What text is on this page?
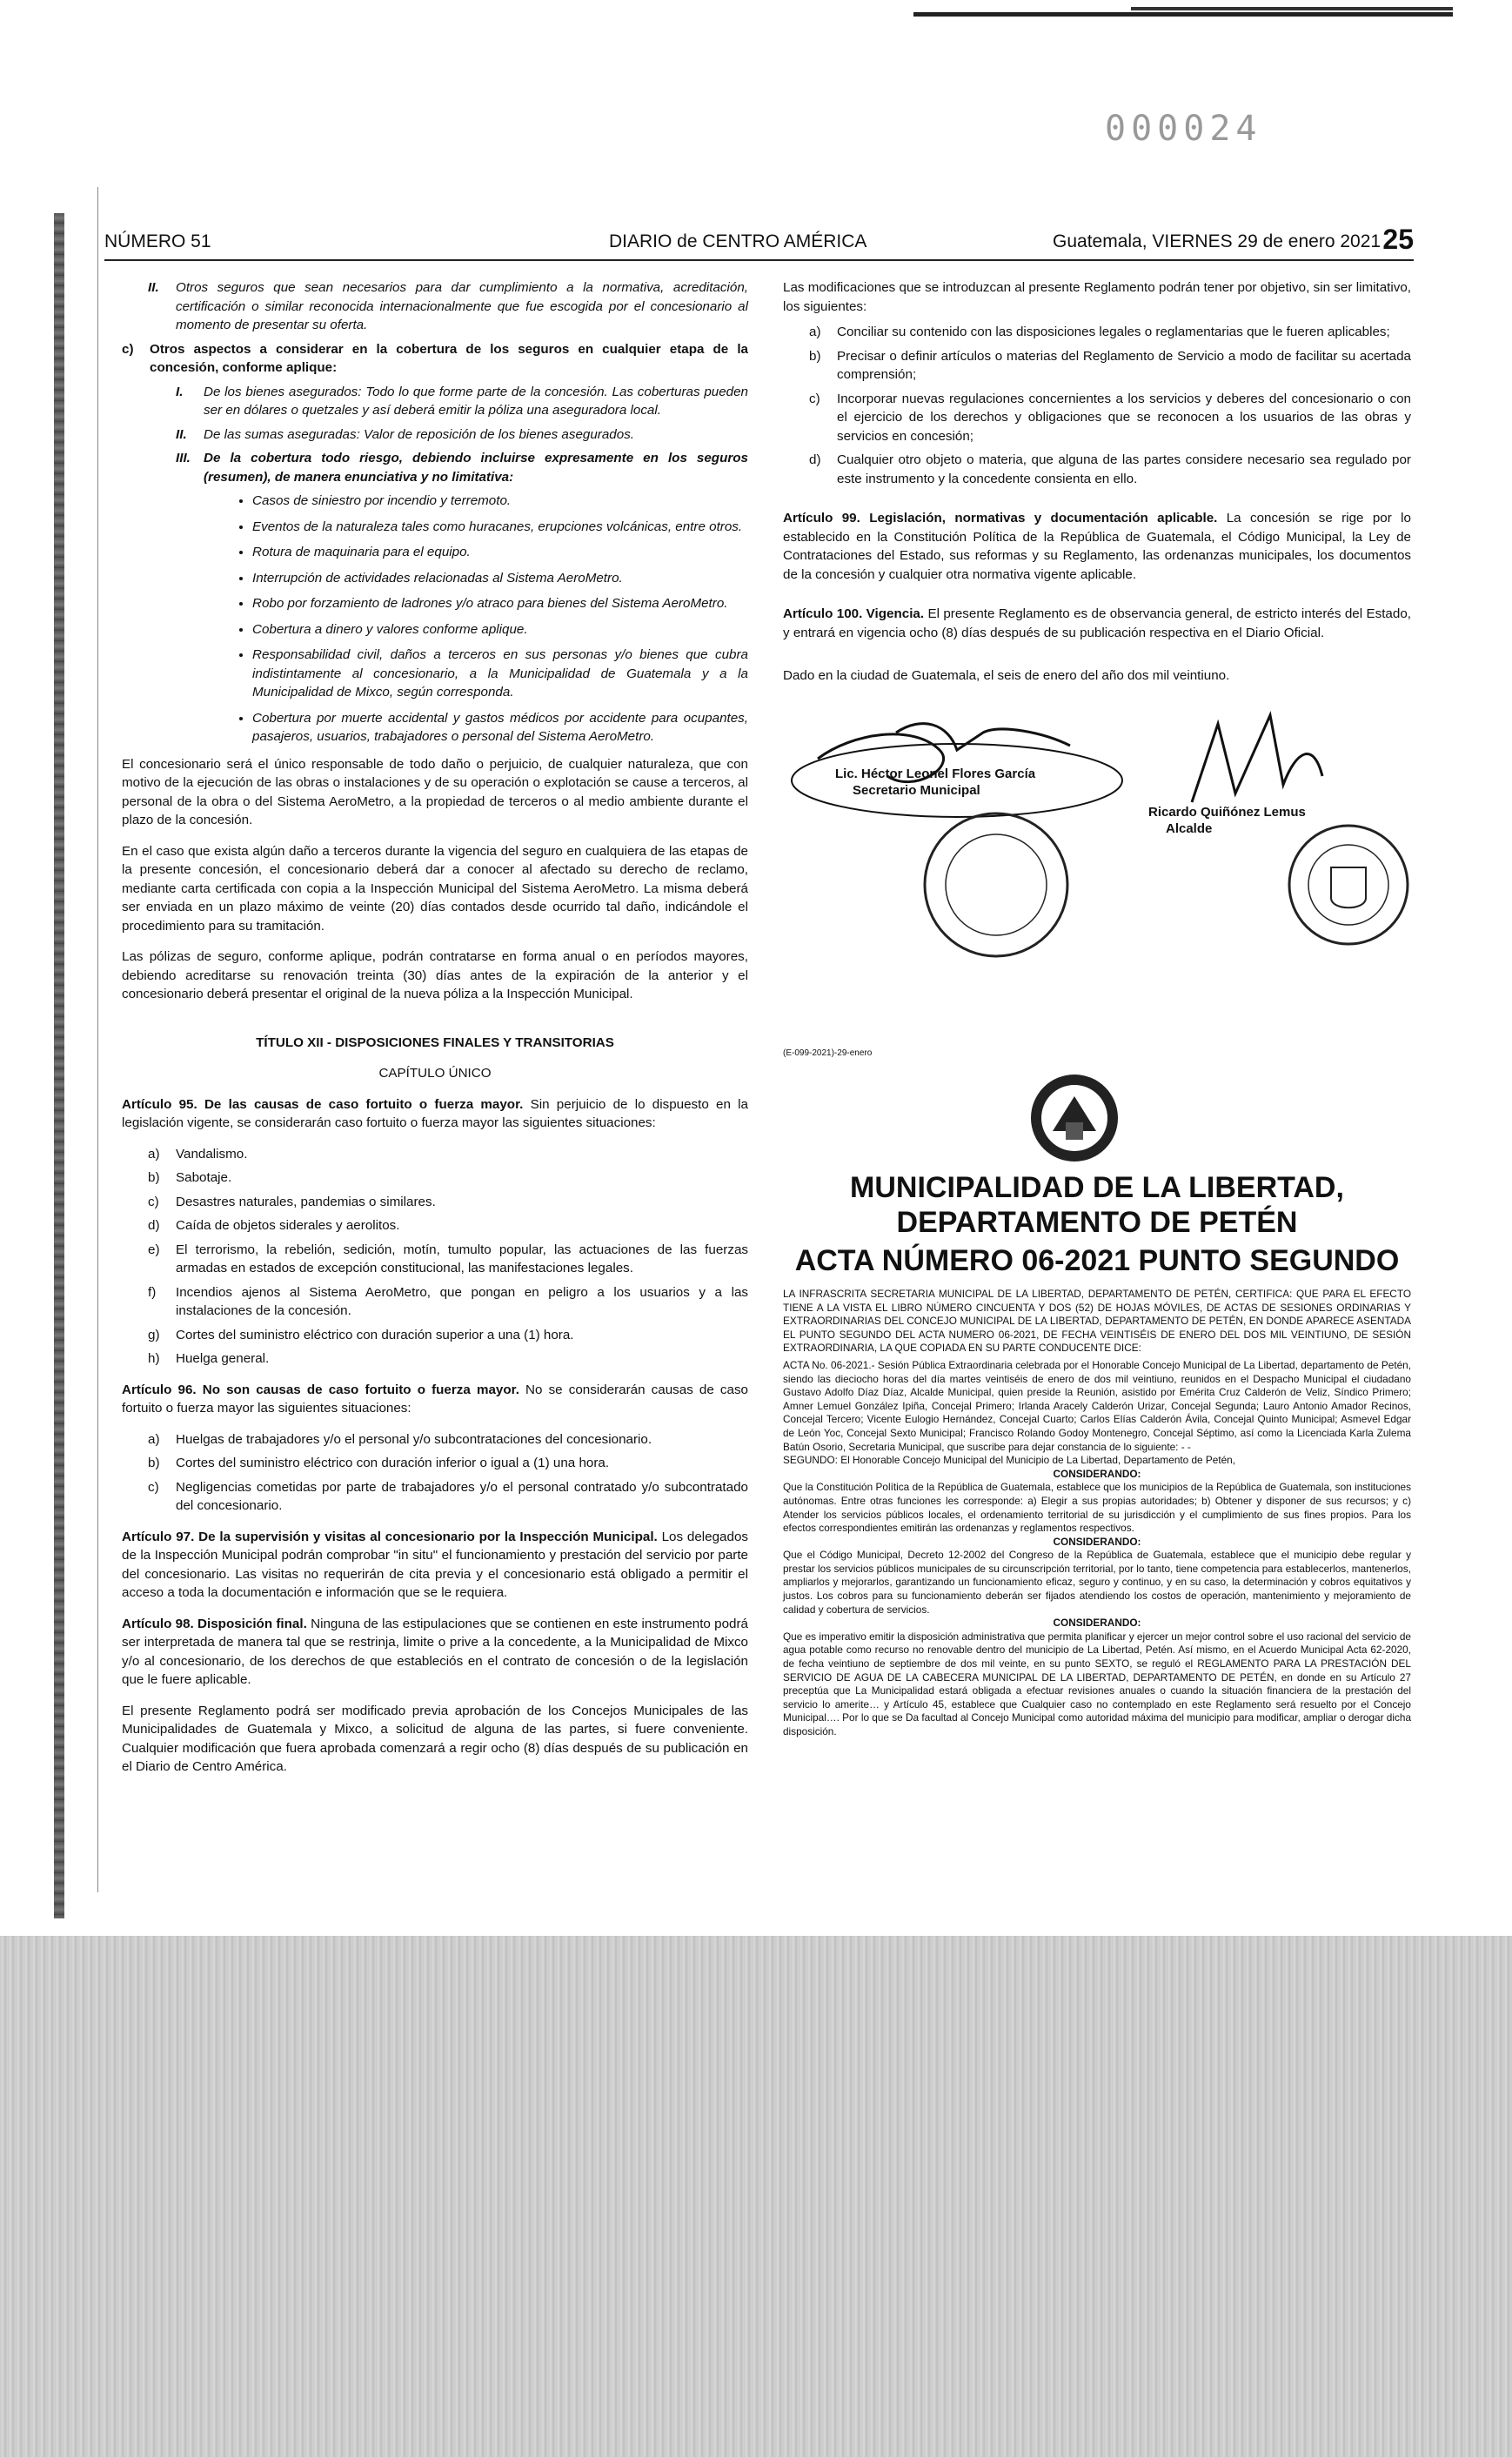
000024
NÚMERO 51	DIARIO de CENTRO AMÉRICA	Guatemala, VIERNES 29 de enero 2021 25
II.	Otros seguros que sean necesarios para dar cumplimiento a la normativa, acreditación, certificación o similar reconocida internacionalmente que fue escogida por el concesionario al momento de presentar su oferta.
c)	Otros aspectos a considerar en la cobertura de los seguros en cualquier etapa de la concesión, conforme aplique:
I.	De los bienes asegurados: Todo lo que forme parte de la concesión. Las coberturas pueden ser en dólares o quetzales y así deberá emitir la póliza una aseguradora local.
II.	De las sumas aseguradas: Valor de reposición de los bienes asegurados.
III. De la cobertura todo riesgo, debiendo incluirse expresamente en los seguros (resumen), de manera enunciativa y no limitativa:
• Casos de siniestro por incendio y terremoto.
• Eventos de la naturaleza tales como huracanes, erupciones volcánicas, entre otros.
• Rotura de maquinaria para el equipo.
• Interrupción de actividades relacionadas al Sistema AeroMetro.
• Robo por forzamiento de ladrones y/o atraco para bienes del Sistema AeroMetro.
• Cobertura a dinero y valores conforme aplique.
• Responsabilidad civil, daños a terceros en sus personas y/o bienes que cubra indistintamente al concesionario, a la Municipalidad de Guatemala y a la Municipalidad de Mixco, según corresponda.
• Cobertura por muerte accidental y gastos médicos por accidente para ocupantes, pasajeros, usuarios, trabajadores o personal del Sistema AeroMetro.

El concesionario será el único responsable de todo daño o perjuicio, de cualquier naturaleza, que con motivo de la ejecución de las obras o instalaciones y de su operación o explotación se cause a terceros, al personal de la obra o del Sistema AeroMetro, a la propiedad de terceros o al medio ambiente durante el plazo de la concesión.

En el caso que exista algún daño a terceros durante la vigencia del seguro en cualquiera de las etapas de la presente concesión, el concesionario deberá dar a conocer al afectado su derecho de reclamo, mediante carta certificada con copia a la Inspección Municipal del Sistema AeroMetro. La misma deberá ser enviada en un plazo máximo de veinte (20) días contados desde ocurrido tal daño, indicándole el procedimiento para su tramitación.

Las pólizas de seguro, conforme aplique, podrán contratarse en forma anual o en períodos mayores, debiendo acreditarse su renovación treinta (30) días antes de la expiración de la anterior y el concesionario deberá presentar el original de la nueva póliza a la Inspección Municipal.

TÍTULO XII - DISPOSICIONES FINALES Y TRANSITORIAS

CAPÍTULO ÚNICO

Artículo 95. De las causas de caso fortuito o fuerza mayor. Sin perjuicio de lo dispuesto en la legislación vigente, se considerarán caso fortuito o fuerza mayor las siguientes situaciones:

a)	Vandalismo.
b)	Sabotaje.
c)	Desastres naturales, pandemias o similares.
d)	Caída de objetos siderales y aerolitos.
e)	El terrorismo, la rebelión, sedición, motín, tumulto popular, las actuaciones de las fuerzas armadas en estados de excepción constitucional, las manifestaciones legales.
f)	Incendios ajenos al Sistema AeroMetro, que pongan en peligro a los usuarios y a las instalaciones de la concesión.
g)	Cortes del suministro eléctrico con duración superior a una (1) hora.
h)	Huelga general.

Artículo 96. No son causas de caso fortuito o fuerza mayor. No se considerarán causas de caso fortuito o fuerza mayor las siguientes situaciones:

a)	Huelgas de trabajadores y/o el personal y/o subcontrataciones del concesionario.
b)	Cortes del suministro eléctrico con duración inferior o igual a (1) una hora.
c)	Negligencias cometidas por parte de trabajadores y/o el personal contratado y/o subcontratado del concesionario.

Artículo 97. De la supervisión y visitas al concesionario por la Inspección Municipal. Los delegados de la Inspección Municipal podrán comprobar "in situ" el funcionamiento y prestación del servicio por parte del concesionario. Las visitas no requerirán de cita previa y el concesionario está obligado a permitir el acceso a toda la documentación e información que se le requiera.

Artículo 98. Disposición final. Ninguna de las estipulaciones que se contienen en este instrumento podrá ser interpretada de manera tal que se restrinja, limite o prive a la concedente, a la Municipalidad de Mixco y/o al concesionario, de los derechos de que estableciós en el contrato de concesión o de la legislación que le fuere aplicable.

El presente Reglamento podrá ser modificado previa aprobación de los Concejos Municipales de las Municipalidades de Guatemala y Mixco, a solicitud de alguna de las partes, si fuere conveniente. Cualquier modificación que fuera aprobada comenzará a regir ocho (8) días después de su publicación en el Diario de Centro América.

Las modificaciones que se introduzcan al presente Reglamento podrán tener por objetivo, sin ser limitativo, los siguientes:

a)	Conciliar su contenido con las disposiciones legales o reglamentarias que le fueren aplicables;
b)	Precisar o definir artículos o materias del Reglamento de Servicio a modo de facilitar su acertada comprensión;
c)	Incorporar nuevas regulaciones concernientes a los servicios y deberes del concesionario o con el ejercicio de los derechos y obligaciones que se reconocen a los usuarios de las obras y servicios en concesión;
d)	Cualquier otro objeto o materia, que alguna de las partes considere necesario sea regulado por este instrumento y la concedente consienta en ello.

Artículo 99. Legislación, normativas y documentación aplicable. La concesión se rige por lo establecido en la Constitución Política de la República de Guatemala, el Código Municipal, la Ley de Contrataciones del Estado, sus reformas y su Reglamento, las ordenanzas municipales, los documentos de la concesión y cualquier otra normativa vigente aplicable.

Artículo 100. Vigencia. El presente Reglamento es de observancia general, de estricto interés del Estado, y entrará en vigencia ocho (8) días después de su publicación respectiva en el Diario Oficial.

Dado en la ciudad de Guatemala, el seis de enero del año dos mil veintiuno.

Lic. Héctor Leonel Flores García
Secretario Municipal
Ricardo Quiñónez Lemus
Alcalde
(E-099-2021)-29-enero
MUNICIPALIDAD DE LA LIBERTAD,
DEPARTAMENTO DE PETÉN
ACTA NÚMERO 06-2021 PUNTO SEGUNDO
LA INFRASCRITA SECRETARIA MUNICIPAL DE LA LIBERTAD, DEPARTAMENTO DE PETÉN, CERTIFICA: QUE PARA EL EFECTO TIENE A LA VISTA EL LIBRO NÚMERO CINCUENTA Y DOS (52) DE HOJAS MÓVILES, DE ACTAS DE SESIONES ORDINARIAS Y EXTRAORDINARIAS DEL CONCEJO MUNICIPAL DE LA LIBERTAD, DEPARTAMENTO DE PETÉN, EN DONDE APARECE ASENTADA EL PUNTO SEGUNDO DEL ACTA NUMERO 06-2021, DE FECHA VEINTISÉIS DE ENERO DEL DOS MIL VEINTIUNO, DE SESIÓN EXTRAORDINARIA, LA QUE COPIADA EN SU PARTE CONDUCENTE DICE:
ACTA No. 06-2021.- Sesión Pública Extraordinaria celebrada por el Honorable Concejo Municipal de La Libertad, departamento de Petén, siendo las dieciocho horas del día martes veintiséis de enero de dos mil veintiuno, reunidos en el Despacho Municipal el ciudadano Gustavo Adolfo Díaz Díaz, Alcalde Municipal, quien preside la Reunión, asistido por Emérita Cruz Calderón de Veliz, Síndico Primero; Amner Lemuel González Ipiña, Concejal Primero; Irlanda Aracely Calderón Urizar, Concejal Segunda; Lauro Antonio Amador Recinos, Concejal Tercero; Vicente Eulogio Hernández, Concejal Cuarto; Carlos Elías Calderón Ávila, Concejal Quinto Municipal; Asmevel Edgar de León Yoc, Concejal Sexto Municipal; Francisco Rolando Godoy Montenegro, Concejal Séptimo, así como la Licenciada Karla Zulema Batún Osorio, Secretaria Municipal, que suscribe para dejar constancia de lo siguiente: - -
SEGUNDO: El Honorable Concejo Municipal del Municipio de La Libertad, Departamento de Petén,
CONSIDERANDO:
Que la Constitución Política de la República de Guatemala, establece que los municipios de la República de Guatemala, son instituciones autónomas. Entre otras funciones les corresponde: a) Elegir a sus propias autoridades; b) Obtener y disponer de sus recursos; y c) Atender los servicios públicos locales, el ordenamiento territorial de su jurisdicción y el cumplimiento de sus fines propios. Para los efectos correspondientes emitirán las ordenanzas y reglamentos respectivos.
CONSIDERANDO:
Que el Código Municipal, Decreto 12-2002 del Congreso de la República de Guatemala, establece que el municipio debe regular y prestar los servicios públicos municipales de su circunscripción territorial, por lo tanto, tiene competencia para establecerlos, mantenerlos, ampliarlos y mejorarlos, garantizando un funcionamiento eficaz, seguro y continuo, y en su caso, la determinación y cobros equitativos y justos. Los cobros para su funcionamiento deberán ser fijados atendiendo los costos de operación, mantenimiento y mejoramiento de calidad y cobertura de servicios.
CONSIDERANDO:
Que es imperativo emitir la disposición administrativa que permita planificar y ejercer un mejor control sobre el uso racional del servicio de agua potable como recurso no renovable dentro del municipio de La Libertad, Petén. Así mismo, en el Acuerdo Municipal Acta 62-2020, de fecha veintiuno de septiembre de dos mil veinte, en su punto SEXTO, se reguló el REGLAMENTO PARA LA PRESTACIÓN DEL SERVICIO DE AGUA DE LA CABECERA MUNICIPAL DE LA LIBERTAD, DEPARTAMENTO DE PETÉN, en donde en su Artículo 27 preceptúa que La Municipalidad estará obligada a efectuar revisiones anuales o cuando la situación financiera de la prestación del servicio lo amerite… y Artículo 45, establece que Cualquier caso no contemplado en este Reglamento será resuelto por el Concejo Municipal…. Por lo que se Da facultad al Concejo Municipal como autoridad máxima del municipio para modificar, ampliar o derogar dicha disposición.
